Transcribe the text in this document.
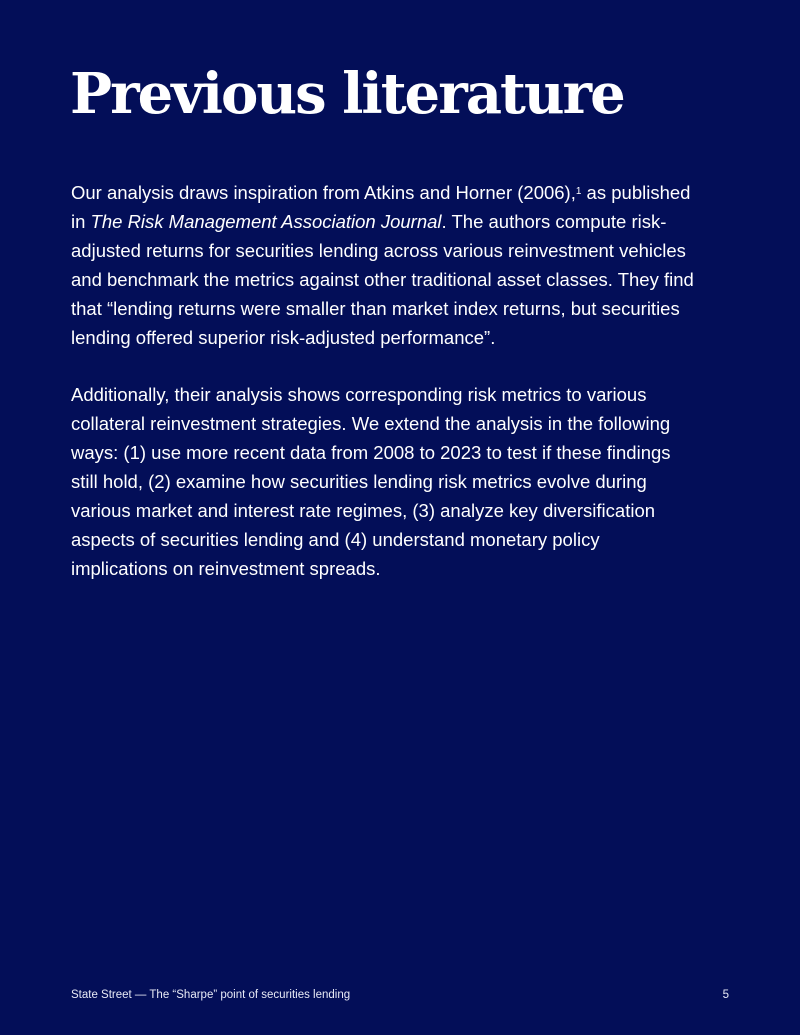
Previous literature

Our analysis draws inspiration from Atkins and Horner (2006),$^1$ as published
in The Risk Management Association Journal. The authors compute risk-
adjusted returns for securities lending across various reinvestment vehicles
and benchmark the metrics against other traditional asset classes. They find
that “lending returns were smaller than market index returns, but securities
lending offered superior risk-adjusted performance”.

Additionally, their analysis shows corresponding risk metrics to various
collateral reinvestment strategies. We extend the analysis in the following
ways: (1) use more recent data from 2008 to 2023 to test if these findings
still hold, (2) examine how securities lending risk metrics evolve during
various market and interest rate regimes, (3) analyze key diversification
aspects of securities lending and (4) understand monetary policy
implications on reinvestment spreads.

State Street — The “Sharpe” point of securities lending	5
